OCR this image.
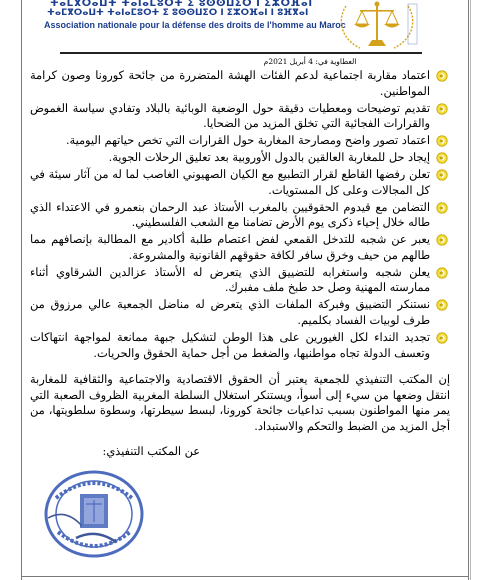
ⵜⴰⵎⴳⵔⴰⵡⵜ ⵜⴰⵏⴰⵎⵓⵔⵜ ⵉ ⵓⵙⵙⵡⵉⵔ ⵏ ⵉⵣⵔⴼⴰⵏ
ⵜⴰⵎⴳⵔⴰⵡⵜ ⵜⴰⵏⴰⵎⵓⵔⵜ ⵉ ⵓⵙⵙⵡⵉⵔ ⵏ ⵉⵣⵔⴼⴰⵏ ⵏ ⵓⴼⴳⴰⵏ
Association nationale pour la défense des droits de l'homme au Maroc
العطاوية في: 4 أبريل 2021م
اعتماد مقاربة اجتماعية لدعم الفئات الهشة المتضررة من جائحة كورونا وصون كرامة المواطنين.
تقديم توضيحات ومعطيات دقيقة حول الوضعية الوبائية بالبلاد وتفادي سياسة الغموض والقرارات الفجائية التي تخلق المزيد من الضحايا.
اعتماد تصور واضح ومصارحة المغاربة حول القرارات التي تخص حياتهم اليومية.
إيجاد حل للمغاربة العالقين بالدول الأوروبية بعد تعليق الرحلات الجوية.
تعلن رفضها القاطع لقرار التطبيع مع الكيان الصهيوني الغاصب لما له من آثار سيئة في كل المجالات وعلى كل المستويات.
التضامن مع قيدوم الحقوقيين بالمغرب الأستاذ عبد الرحمان بنعمرو في الاعتداء الذي طاله خلال إحياء ذكرى يوم الأرض تضامنا مع الشعب الفلسطيني.
يعبر عن شجبه للتدخل القمعي لفض اعتصام طلبة أكادير مع المطالبة بإنصافهم مما طالهم من حيف وخرق سافر لكافة حقوقهم القانونية والمشروعة.
يعلن شجبه واستغرابه للتضييق الذي يتعرض له الأستاذ عزالدين الشرقاوي أثناء ممارسته المهنية وصل حد طبخ ملف مفبرك.
نستنكر التضييق وفبركة الملفات الذي يتعرض له مناضل الجمعية عالي مرزوق من طرف لوبيات الفساد بكلميم.
تجديد النداء لكل الغيورين على هذا الوطن لتشكيل جبهة ممانعة لمواجهة انتهاكات وتعسف الدولة تجاه مواطنيها، والضغط من أجل حماية الحقوق والحريات.
إن المكتب التنفيذي للجمعية يعتبر أن الحقوق الاقتصادية والاجتماعية والثقافية للمغاربة انتقل وضعها من سيء إلى أسوأ، ويستنكر استغلال السلطة المغربية الظروف الصعبة التي يمر منها المواطنون بسبب تداعيات جائحة كورونا، لبسط سيطرتها، وسطوة سلطويتها، من أجل المزيد من الضبط والتحكم والاستبداد.
عن المكتب التنفيذي:
